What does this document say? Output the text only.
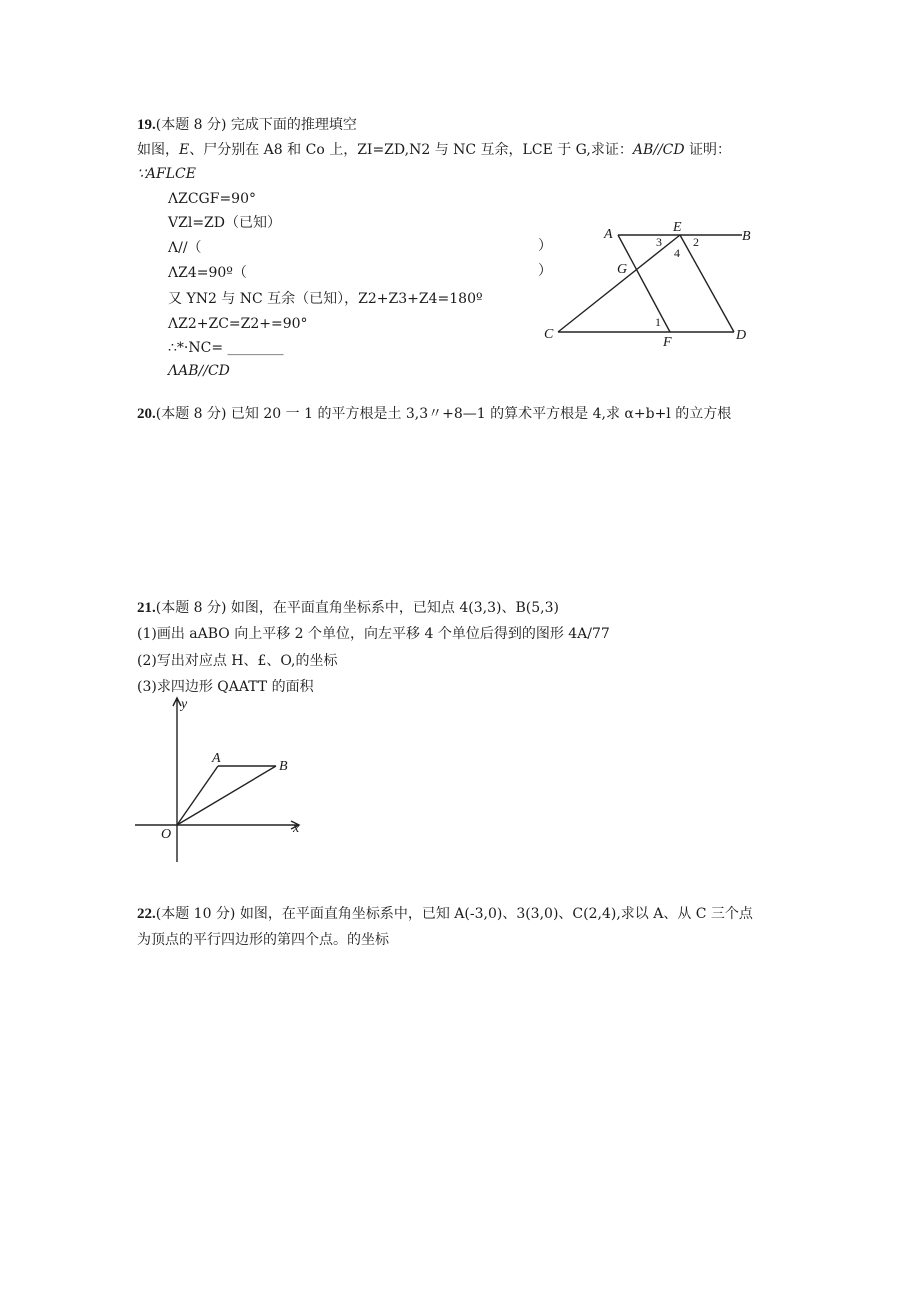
19.(本题 8 分) 完成下面的推理填空
如图，E、尸分别在 A8 和 Co 上，ZI=ZD,N2 与 NC 互余，LCE 于 G,求证：AB//CD 证明：
∵AFLCE
ΛZCGF=90°
VZl=ZD（已知）
Λ//（
ΛZ4=90º（
又 YN2 与 NC 互余（已知），Z2+Z3+Z4=180º
ΛZ2+ZC=Z2+=90°
∴*·NC= ________
ΛAB∕∕CD
）
）
A	E
B
3	2
4
G
C
1
F	D
20.(本题 8 分) 已知 20 一 1 的平方根是土 3,3〃+8—1 的算术平方根是 4,求 α+b+l 的立方根
21.(本题 8 分) 如图，在平面直角坐标系中，已知点 4(3,3)、B(5,3)
(1)画出 aABO 向上平移 2 个单位，向左平移 4 个单位后得到的图形 4A/77
(2)写出对应点 Η、£、O,的坐标
(3)求四边形 QAATT 的面积
y
x
O
A
B
22.(本题 10 分) 如图，在平面直角坐标系中，已知 A(-3,0)、3(3,0)、C(2,4),求以 A、从 C 三个点
为顶点的平行四边形的第四个点。的坐标
